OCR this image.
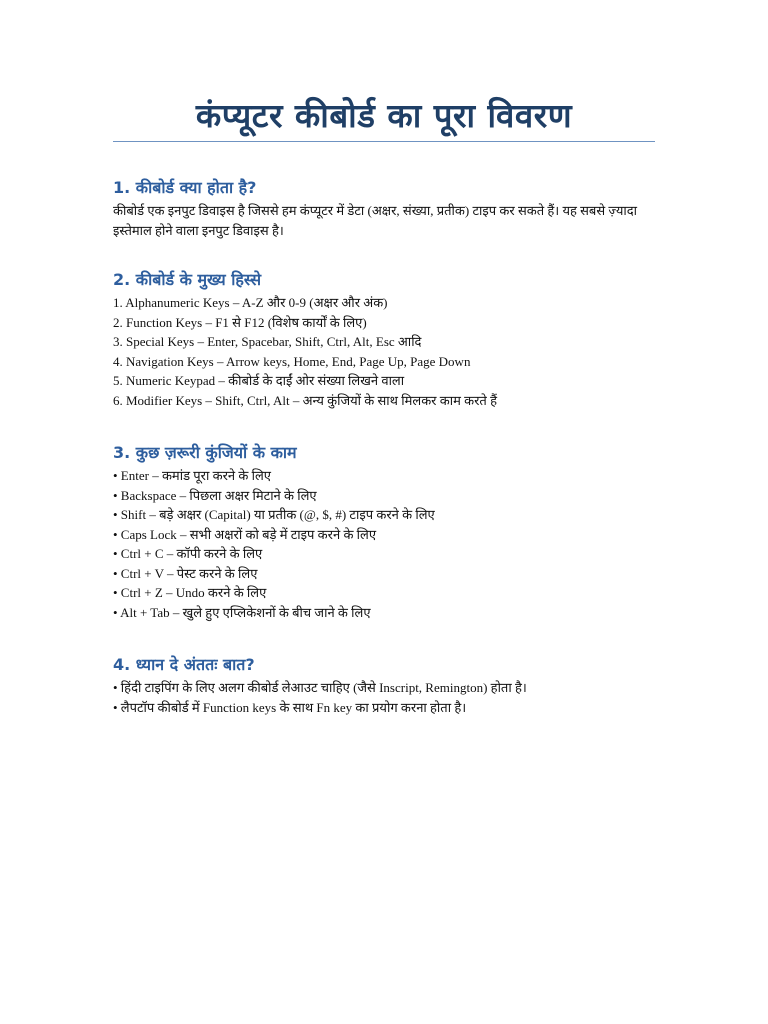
कंप्यूटर कीबोर्ड का पूरा विवरण
1. कीबोर्ड क्या होता है?

कीबोर्ड एक इनपुट डिवाइस है जिससे हम कंप्यूटर में डेटा (अक्षर, संख्या, प्रतीक) टाइप कर सकते हैं। यह सबसे ज़्यादा इस्तेमाल होने वाला इनपुट डिवाइस है।

2. कीबोर्ड के मुख्य हिस्से
1. Alphanumeric Keys – A-Z और 0-9 (अक्षर और अंक)
2. Function Keys – F1 से F12 (विशेष कार्यों के लिए)
3. Special Keys – Enter, Spacebar, Shift, Ctrl, Alt, Esc आदि
4. Navigation Keys – Arrow keys, Home, End, Page Up, Page Down
5. Numeric Keypad – कीबोर्ड के दाईं ओर संख्या लिखने वाला
6. Modifier Keys – Shift, Ctrl, Alt – अन्य कुंजियों के साथ मिलकर काम करते हैं
3. कुछ ज़रूरी कुंजियों के काम
• Enter – कमांड पूरा करने के लिए
• Backspace – पिछला अक्षर मिटाने के लिए
• Shift – बड़े अक्षर (Capital) या प्रतीक (@, $, #) टाइप करने के लिए
• Caps Lock – सभी अक्षरों को बड़े में टाइप करने के लिए
• Ctrl + C – कॉपी करने के लिए
• Ctrl + V – पेस्ट करने के लिए
• Ctrl + Z – Undo करने के लिए
• Alt + Tab – खुले हुए एप्लिकेशनों के बीच जाने के लिए
4. ध्यान दे अंततः बात?
• हिंदी टाइपिंग के लिए अलग कीबोर्ड लेआउट चाहिए (जैसे Inscript, Remington) होता है।
• लैपटॉप कीबोर्ड में Function keys के साथ Fn key का प्रयोग करना होता है।
